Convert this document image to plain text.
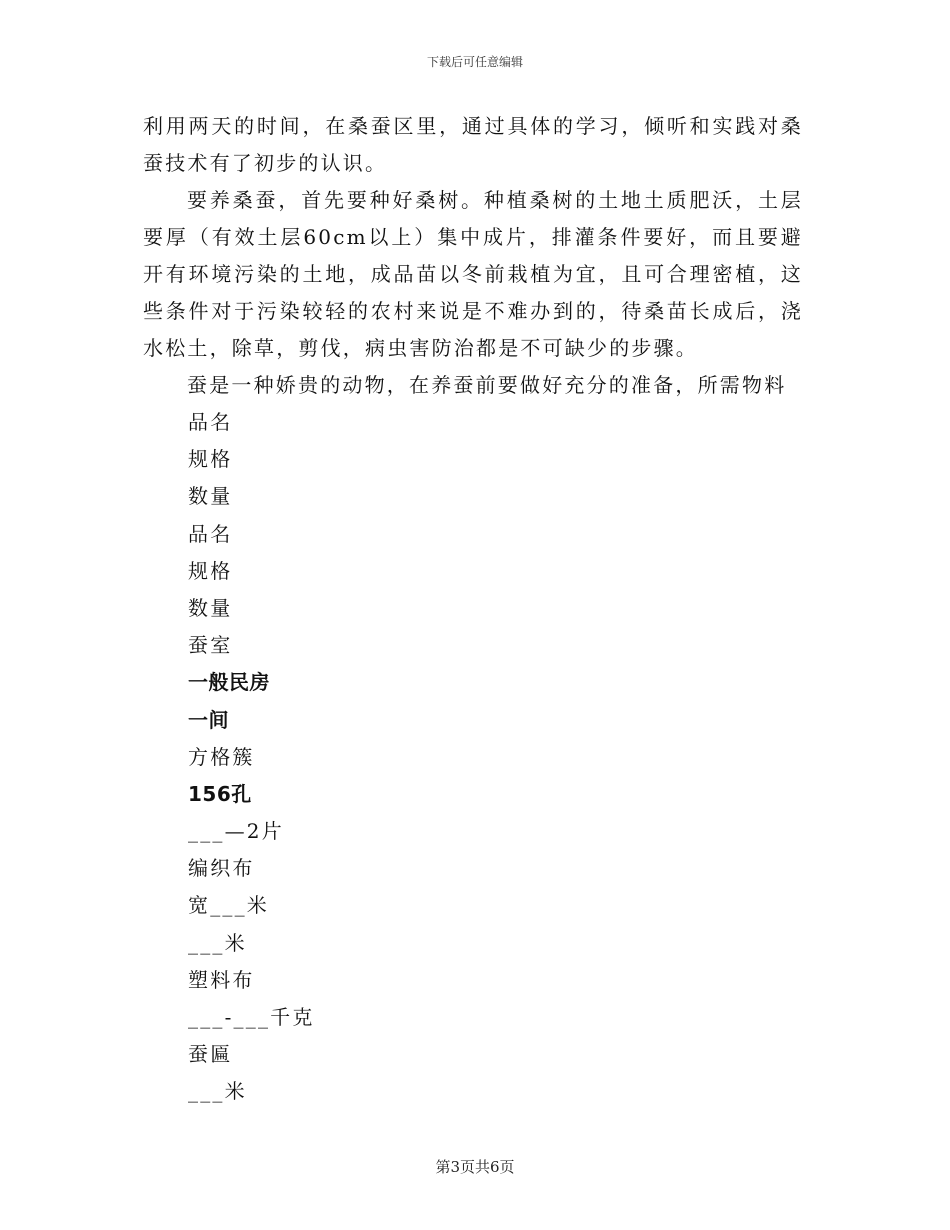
下载后可任意编辑

利用两天的时间，在桑蚕区里，通过具体的学习，倾听和实践对桑蚕技术有了初步的认识。

要养桑蚕，首先要种好桑树。种植桑树的土地土质肥沃，土层要厚（有效土层60cm以上）集中成片，排灌条件要好，而且要避开有环境污染的土地，成品苗以冬前栽植为宜，且可合理密植，这些条件对于污染较轻的农村来说是不难办到的，待桑苗长成后，浇水松土，除草，剪伐，病虫害防治都是不可缺少的步骤。

蚕是一种娇贵的动物，在养蚕前要做好充分的准备，所需物料

品名
规格
数量
品名
规格
数量
蚕室
一般民房
一间
方格簇
156孔
___—2片
编织布
宽___米
___米
塑料布
___-___千克
蚕匾
___米
第3页共6页
